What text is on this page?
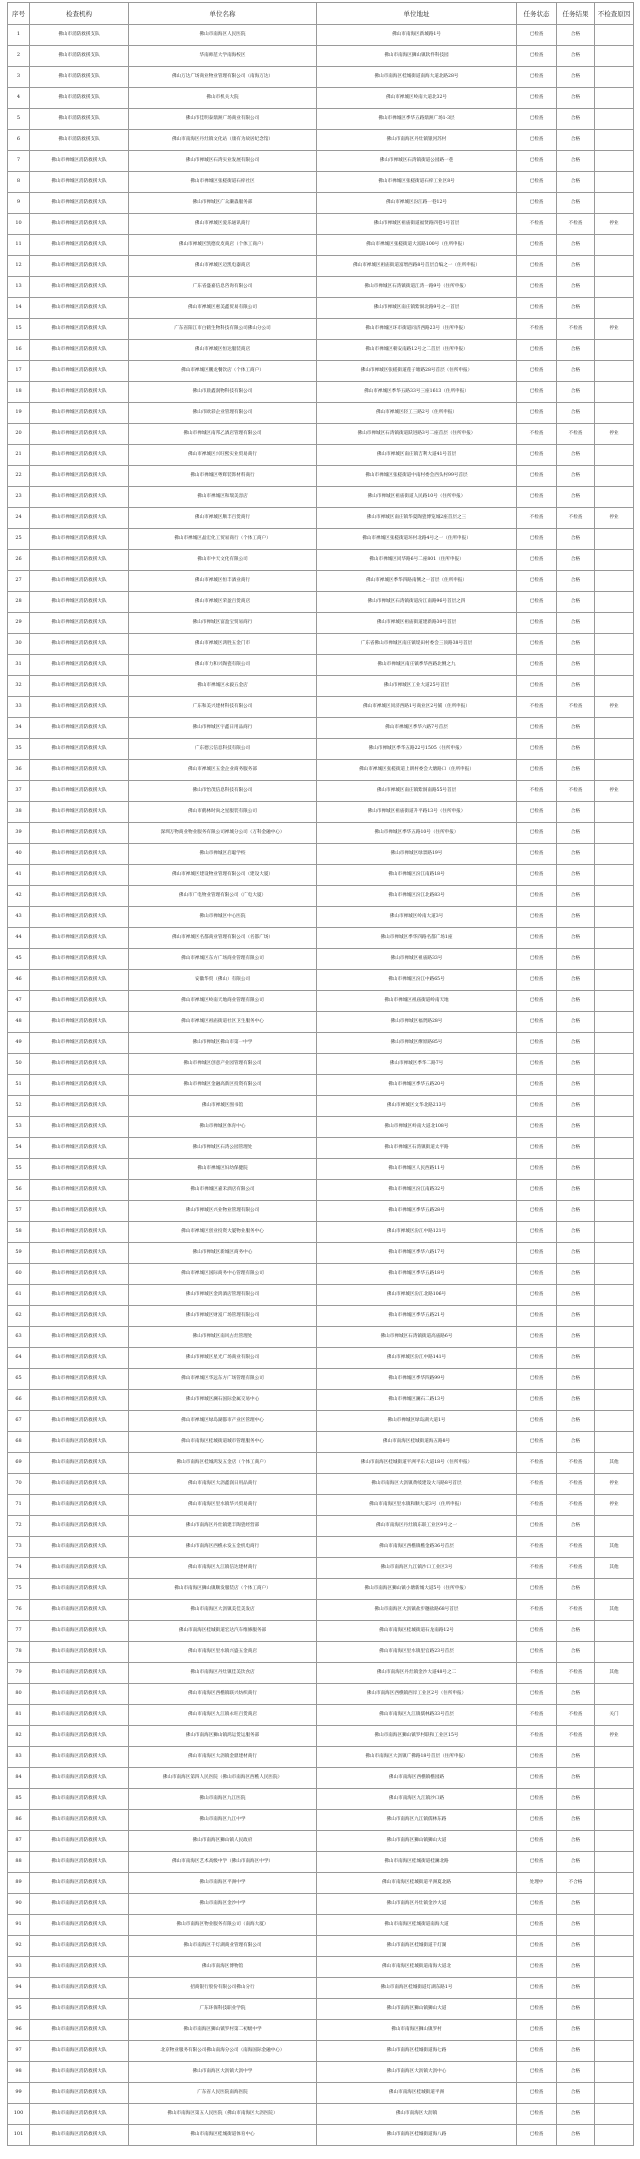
序号	检查机构	单位名称	单位地址	任务状态	任务结果	不检查原因
1	佛山市消防救援支队	佛山市南海区人民医院	佛山市南海区新城路1号	已检查	合格	
2	佛山市消防救援支队	华南师范大学南海校区	佛山市南海区狮山镇软件科技园	已检查	合格	
3	佛山市消防救援支队	佛山万达广场商业物业管理有限公司（南海万达）	佛山市南海区桂城街道南海大道北路28号	已检查	合格	
4	佛山市消防救援支队	佛山市机关大院	佛山市禅城区岭南大道北32号	已检查	合格	
5	佛山市消防救援支队	佛山市佳明泰鼎洲广场商业有限公司	佛山市禅城区季华五路鼎洲广场1-3层	已检查	合格	
6	佛山市消防救援支队	佛山市南海区丹灶镇文化站（康有为故居纪念馆）	佛山市南海区丹灶镇银河苏村	已检查	合格	
7	佛山市禅城区消防救援大队	佛山市禅城区石湾实业发展有限公司	佛山市禅城区石湾镇街道公园路一巷	已检查	合格	
8	佛山市禅城区消防救援大队	佛山市禅城区张槎街道石梓社区	佛山市禅城区张槎街道石梓工业区8号	已检查	合格	
9	佛山市禅城区消防救援大队	佛山市禅城区广众濑淼服务部	佛山市禅城区汾江路一巷12号	已检查	合格	
10	佛山市禅城区消防救援大队	佛山市禅城区爱乐通讯商行	佛山市禅城区祖庙街道福贤路四巷1号首层	不检查	不检查	停业
11	佛山市禅城区消防救援大队	佛山市禅城区凯德皮皮商店（个体工商户）	佛山市禅城区张槎街道大富路100号（住所申报）	已检查	合格	
12	佛山市禅城区消防救援大队	佛山市禅城区迈凯电器商店	佛山市禅城区祖庙街道富增西路8号首层自编之一（住所申报）	已检查	合格	
13	佛山市禅城区消防救援大队	广东省盛嘉信息咨询有限公司	佛山市禅城区石湾镇街道江湾一路9号（住所申报）	已检查	合格	
14	佛山市禅城区消防救援大队	佛山市禅城区惠美鑫贸易有限公司	佛山市禅城区南庄镇紫洞北路9号之一首层	已检查	合格	
15	佛山市禅城区消防救援大队	广东省阳江市白鹤生物科技有限公司佛山分公司	佛山市禅城区环市街道同济西路23号（住所申报）	不检查	不检查	停业
16	佛山市禅城区消防救援大队	佛山市禅城区恒达服装商店	佛山市禅城区朝安南路12号之二首层（住所申报）	已检查	合格	
17	佛山市禅城区消防救援大队	佛山市禅城区鹏龙餐饮店（个体工商户）	佛山市禅城区张槎街道莲子塘路28号首层（住所申报）	已检查	合格	
18	佛山市禅城区消防救援大队	佛山市晨鑫润物科技有限公司	佛山市禅城区季华五路33号三座1613（住所申报）	已检查	合格	
19	佛山市禅城区消防救援大队	佛山市欧彩企业管理有限公司	佛山市禅城区轻工三路2号（住所申报）	已检查	合格	
20	佛山市禅城区消防救援大队	佛山市禅城区南邦乙酒店管理有限公司	佛山市禅城区石湾镇街道跃进路3号二座首层（住所申报）	不检查	不检查	停业
21	佛山市禅城区消防救援大队	佛山市禅城区兴旺熙实业贸易商行	佛山市禅城区南庄镇吉利大道41号首层	已检查	合格	
22	佛山市禅城区消防救援大队	佛山市禅城区粤辉装饰材料商行	佛山市禅城区张槎街道中南村委会西头村99号首层	已检查	合格	
23	佛山市禅城区消防救援大队	佛山市禅城区和瑞美容店	佛山市禅城区祖庙街道人民路10号（住所申报）	已检查	合格	
24	佛山市禅城区消防救援大队	佛山市禅城区顺丰百货商行	佛山市禅城区南庄镇华夏陶瓷博览城2座首层之三	不检查	不检查	停业
25	佛山市禅城区消防救援大队	佛山市禅城区晶宏化工贸易商行（个体工商户）	佛山市禅城区张槎街道环村北路4号之一（住所申报）	已检查	合格	
26	佛山市禅城区消防救援大队	佛山市中天文化有限公司	佛山市禅城区同华路6号二座801（住所申报）	已检查	合格	
27	佛山市禅城区消防救援大队	佛山市禅城区恒丰酒业商行	佛山市禅城区季华四路南侧之一首层（住所申报）	已检查	合格	
28	佛山市禅城区消防救援大队	佛山市禅城区荣盈百货商店	佛山市禅城区石湾镇街道汾江南路96号首层之四	已检查	合格	
29	佛山市禅城区消防救援大队	佛山市禅城区富盈宝贸易商行	佛山市禅城区祖庙街道建新路30号首层	已检查	合格	
30	佛山市禅城区消防救援大队	佛山市禅城区鸿胜五金门市	广东省佛山市禅城区南庄镇堤田村委会三顶路38号首层	已检查	合格	
31	佛山市禅城区消防救援大队	佛山市力和兴陶瓷有限公司	佛山市禅城区南庄镇季华西路北侧之九	已检查	合格	
32	佛山市禅城区消防救援大队	佛山市禅城区永毅五金店	佛山市禅城区工业大道25号首层	已检查	合格	
33	佛山市禅城区消防救援大队	广东和美兴建材科技有限公司	佛山市禅城区同济西路1号商业区2号铺（住所申报）	不检查	不检查	停业
34	佛山市禅城区消防救援大队	佛山市禅城区宇鑫日用品商行	佛山市禅城区季华六路7号首层	已检查	合格	
35	佛山市禅城区消防救援大队	广东德云信息科技有限公司	佛山市禅城区季华五路22号1505（住所申报）	已检查	合格	
36	佛山市禅城区消防救援大队	佛山市禅城区五金企业商务服务部	佛山市禅城区张槎街道上朗村委会大塘路口（住所申报）	已检查	合格	
37	佛山市禅城区消防救援大队	佛山市怡茂信息科技有限公司	佛山市禅城区南庄镇紫洞南路55号首层	不检查	不检查	停业
38	佛山市禅城区消防救援大队	佛山市鹤林时尚之星服装有限公司	佛山市禅城区祖庙街道升平路13号（住所申报）	已检查	合格	
39	佛山市禅城区消防救援大队	深圳万物商业物业服务有限公司禅城分公司（万科金融中心）	佛山市禅城区季华五路10号（住所申报）	已检查	合格	
40	佛山市禅城区消防救援大队	佛山市禅城区启聪学校	佛山市禅城区绿景路19号	已检查	合格	
41	佛山市禅城区消防救援大队	佛山市禅城区建设物业管理有限公司（建设大厦）	佛山市禅城区汾江南路18号	已检查	合格	
42	佛山市禅城区消防救援大队	佛山市广电物业管理有限公司（广电大厦）	佛山市禅城区汾江北路83号	已检查	合格	
43	佛山市禅城区消防救援大队	佛山市禅城区中心医院	佛山市禅城区岭南大道3号	已检查	合格	
44	佛山市禅城区消防救援大队	佛山市禅城区名都商业管理有限公司（名都广场）	佛山市禅城区季华四路名都广场1座	已检查	合格	
45	佛山市禅城区消防救援大队	佛山市禅城区东方广场商业管理有限公司	佛山市禅城区祖庙路33号	已检查	合格	
46	佛山市禅城区消防救援大队	安徽华贸（佛山）有限公司	佛山市禅城区汾江中路65号	已检查	合格	
47	佛山市禅城区消防救援大队	佛山市禅城区岭南天地商业管理有限公司	佛山市禅城区祖庙街道岭南天地	已检查	合格	
48	佛山市禅城区消防救援大队	佛山市禅城区祖庙街道社区卫生服务中心	佛山市禅城区福贤路28号	已检查	合格	
49	佛山市禅城区消防救援大队	佛山市禅城区佛山市第一中学	佛山市禅城区燎原路85号	已检查	合格	
50	佛山市禅城区消防救援大队	佛山市禅城区创意产业园管理有限公司	佛山市禅城区季华二路7号	已检查	合格	
51	佛山市禅城区消防救援大队	佛山市禅城区金融高新区投资有限公司	佛山市禅城区季华五路20号	已检查	合格	
52	佛山市禅城区消防救援大队	佛山市禅城区图书馆	佛山市禅城区文华北路213号	已检查	合格	
53	佛山市禅城区消防救援大队	佛山市禅城区体育中心	佛山市禅城区岭南大道北108号	已检查	合格	
54	佛山市禅城区消防救援大队	佛山市禅城区石湾公园管理处	佛山市禅城区石湾镇街道太平路	已检查	合格	
55	佛山市禅城区消防救援大队	佛山市禅城区妇幼保健院	佛山市禅城区人民西路11号	已检查	合格	
56	佛山市禅城区消防救援大队	佛山市禅城区嘉禾酒店有限公司	佛山市禅城区汾江南路32号	已检查	合格	
57	佛山市禅城区消防救援大队	佛山市禅城区兴业物业管理有限公司	佛山市禅城区季华五路28号	已检查	合格	
58	佛山市禅城区消防救援大队	佛山市禅城区创业投资大厦物业服务中心	佛山市禅城区汾江中路121号	已检查	合格	
59	佛山市禅城区消防救援大队	佛山市禅城区新城区商务中心	佛山市禅城区季华六路17号	已检查	合格	
60	佛山市禅城区消防救援大队	佛山市禅城区国际商务中心管理有限公司	佛山市禅城区季华五路18号	已检查	合格	
61	佛山市禅城区消防救援大队	佛山市禅城区金鸿酒店管理有限公司	佛山市禅城区汾江北路106号	已检查	合格	
62	佛山市禅城区消防救援大队	佛山市禅城区财富广场管理有限公司	佛山市禅城区季华五路21号	已检查	合格	
63	佛山市禅城区消防救援大队	佛山市禅城区南风古灶管理处	佛山市禅城区石湾镇街道高庙路6号	已检查	合格	
64	佛山市禅城区消防救援大队	佛山市禅城区星光广场商业有限公司	佛山市禅城区汾江中路141号	已检查	合格	
65	佛山市禅城区消防救援大队	佛山市禅城区华远东方广场管理有限公司	佛山市禅城区季华四路99号	已检查	合格	
66	佛山市禅城区消防救援大队	佛山市禅城区澜石国际金属交易中心	佛山市禅城区澜石二路13号	已检查	合格	
67	佛山市禅城区消防救援大队	佛山市禅城区绿岛湖都市产业区管理中心	佛山市禅城区绿岛湖大道1号	已检查	合格	
68	佛山市南海区消防救援大队	佛山市南海区桂城街道城市管理服务中心	佛山市南海区桂城街道海五路8号	已检查	合格	
69	佛山市南海区消防救援大队	佛山市南海区桂城鸿发五金店（个体工商户）	佛山市南海区桂城街道平洲平东大道18号（住所申报）	不检查	不检查	其他
70	佛山市南海区消防救援大队	佛山市南海区大沥鑫润日用品商行	佛山市南海区大沥镇黄岐建设大马路8号首层	不检查	不检查	停业
71	佛山市南海区消防救援大队	佛山市南海区里水镇华兴贸易商行	佛山市南海区里水镇和顺大道3号（住所申报）	不检查	不检查	停业
72	佛山市南海区消防救援大队	佛山市南海区丹灶镇建丰陶瓷经营部	佛山市南海区丹灶镇东联工业区9号之一	已检查	合格	
73	佛山市南海区消防救援大队	佛山市南海区西樵永发五金机电商行	佛山市南海区西樵镇樵金路36号首层	不检查	不检查	其他
74	佛山市南海区消防救援大队	佛山市南海区九江镇信达建材商行	佛山市南海区九江镇沙口工业区3号	不检查	不检查	其他
75	佛山市南海区消防救援大队	佛山市南海区狮山镇顺发服装店（个体工商户）	佛山市南海区狮山镇小塘新城大道5号（住所申报）	已检查	合格	
76	佛山市南海区消防救援大队	佛山市南海区大沥镇美佳美发店	佛山市南海区大沥镇盐步穗盐路68号首层	不检查	不检查	其他
77	佛山市南海区消防救援大队	佛山市南海区桂城街道宏达汽车维修服务部	佛山市南海区桂城街道石龙南路12号	已检查	合格	
78	佛山市南海区消防救援大队	佛山市南海区里水镇兴盛五金商店	佛山市南海区里水镇里官路23号首层	已检查	合格	
79	佛山市南海区消防救援大队	佛山市南海区丹灶镇佳美饮食店	佛山市南海区丹灶镇金沙大道48号之二	不检查	不检查	其他
80	佛山市南海区消防救援大队	佛山市南海区西樵镇联兴纺织商行	佛山市南海区西樵镇西岸工业区2号（住所申报）	已检查	合格	
81	佛山市南海区消防救援大队	佛山市南海区九江镇永旺百货商店	佛山市南海区九江镇儒林路33号首层	不检查	不检查	关门
82	佛山市南海区消防救援大队	佛山市南海区狮山镇鸿运货运服务部	佛山市南海区狮山镇罗村联和工业区15号	不检查	不检查	停业
83	佛山市南海区消防救援大队	佛山市南海区大沥镇金鼎建材商行	佛山市南海区大沥镇广佛路18号首层（住所申报）	已检查	合格	
84	佛山市南海区消防救援大队	佛山市南海区第四人民医院（佛山市南海区西樵人民医院）	佛山市南海区西樵镇樵园路	已检查	合格	
85	佛山市南海区消防救援大队	佛山市南海区九江医院	佛山市南海区九江镇沙口路	已检查	合格	
86	佛山市南海区消防救援大队	佛山市南海区九江中学	佛山市南海区九江镇儒林东路	已检查	合格	
87	佛山市南海区消防救援大队	佛山市南海区狮山镇人民政府	佛山市南海区狮山镇狮山大道	已检查	合格	
88	佛山市南海区消防救援大队	佛山市南海区艺术高级中学（佛山市南海区中学）	佛山市南海区桂城街道桂澜北路	已检查	合格	
89	佛山市南海区消防救援大队	佛山市南海区平洲中学	佛山市南海区桂城街道平洲夏北路	处理中	不合格	
90	佛山市南海区消防救援大队	佛山市南海区金沙中学	佛山市南海区丹灶镇金沙大道	已检查	合格	
91	佛山市南海区消防救援大队	佛山市南海区物业服务有限公司（南海大厦）	佛山市南海区桂城街道南海大道	已检查	合格	
92	佛山市南海区消防救援大队	佛山市南海区千灯湖商业管理有限公司	佛山市南海区桂城街道千灯湖	已检查	合格	
93	佛山市南海区消防救援大队	佛山市南海区博物馆	佛山市南海区桂城街道南海大道北	已检查	合格	
94	佛山市南海区消防救援大队	招商银行股份有限公司佛山分行	佛山市南海区桂城街道灯湖东路1号	已检查	合格	
95	佛山市南海区消防救援大队	广东环保科技职业学院	佛山市南海区狮山镇狮山大道	已检查	合格	
96	佛山市南海区消防救援大队	佛山市南海区狮山镇罗村第二初级中学	佛山市南海区狮山镇罗村	已检查	合格	
97	佛山市南海区消防救援大队	北京物业服务有限公司佛山南海分公司（南海国际金融中心）	佛山市南海区桂城街道海七路	已检查	合格	
98	佛山市南海区消防救援大队	佛山市南海区大沥镇大沥中学	佛山市南海区大沥镇大沥中心	已检查	合格	
99	佛山市南海区消防救援大队	广东省人民医院南海医院	佛山市南海区桂城街道平洲	已检查	合格	
100	佛山市南海区消防救援大队	佛山市南海区第五人民医院（佛山市南海区大沥医院）	佛山市南海区大沥镇	已检查	合格	
101	佛山市南海区消防救援大队	佛山市南海区桂城街道体育中心	佛山市南海区桂城街道海八路	已检查	合格	
